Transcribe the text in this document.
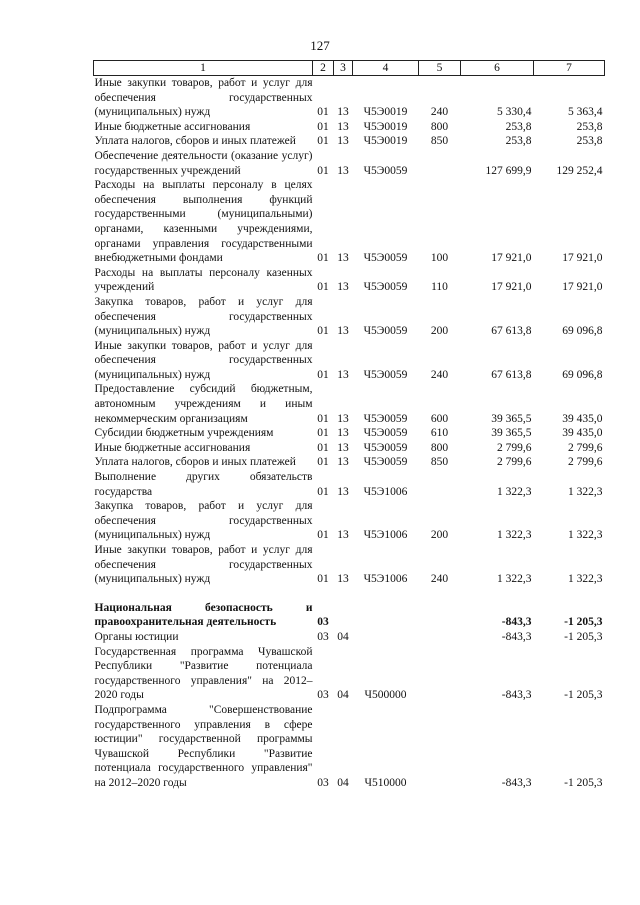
127
1	2	3	4	5	6	7
Иные закупки товаров, работ и услуг для обеспечения государственных (муниципальных) нужд	01	13	Ч5Э0019	240	5 330,4	5 363,4
Иные бюджетные ассигнования	01	13	Ч5Э0019	800	253,8	253,8
Уплата налогов, сборов и иных платежей	01	13	Ч5Э0019	850	253,8	253,8
Обеспечение деятельности (оказание услуг) государственных учреждений	01	13	Ч5Э0059		127 699,9	129 252,4
Расходы на выплаты персоналу в целях обеспечения выполнения функций государственными (муниципальными) органами, казенными учреждениями, органами управления государственными внебюджетными фондами	01	13	Ч5Э0059	100	17 921,0	17 921,0
Расходы на выплаты персоналу казенных учреждений	01	13	Ч5Э0059	110	17 921,0	17 921,0
Закупка товаров, работ и услуг для обеспечения государственных (муниципальных) нужд	01	13	Ч5Э0059	200	67 613,8	69 096,8
Иные закупки товаров, работ и услуг для обеспечения государственных (муниципальных) нужд	01	13	Ч5Э0059	240	67 613,8	69 096,8
Предоставление субсидий бюджетным, автономным учреждениям и иным некоммерческим организациям	01	13	Ч5Э0059	600	39 365,5	39 435,0
Субсидии бюджетным учреждениям	01	13	Ч5Э0059	610	39 365,5	39 435,0
Иные бюджетные ассигнования	01	13	Ч5Э0059	800	2 799,6	2 799,6
Уплата налогов, сборов и иных платежей	01	13	Ч5Э0059	850	2 799,6	2 799,6
Выполнение других обязательств государства	01	13	Ч5Э1006		1 322,3	1 322,3
Закупка товаров, работ и услуг для обеспечения государственных (муниципальных) нужд	01	13	Ч5Э1006	200	1 322,3	1 322,3
Иные закупки товаров, работ и услуг для обеспечения государственных (муниципальных) нужд	01	13	Ч5Э1006	240	1 322,3	1 322,3

Национальная безопасность и правоохранительная деятельность	03				-843,3	-1 205,3
Органы юстиции	03	04			-843,3	-1 205,3
Государственная программа Чувашской Республики "Развитие потенциала государственного управления" на 2012–2020 годы	03	04	Ч500000		-843,3	-1 205,3
Подпрограмма "Совершенствование государственного управления в сфере юстиции" государственной программы Чувашской Республики "Развитие потенциала государственного управления" на 2012–2020 годы	03	04	Ч510000		-843,3	-1 205,3
